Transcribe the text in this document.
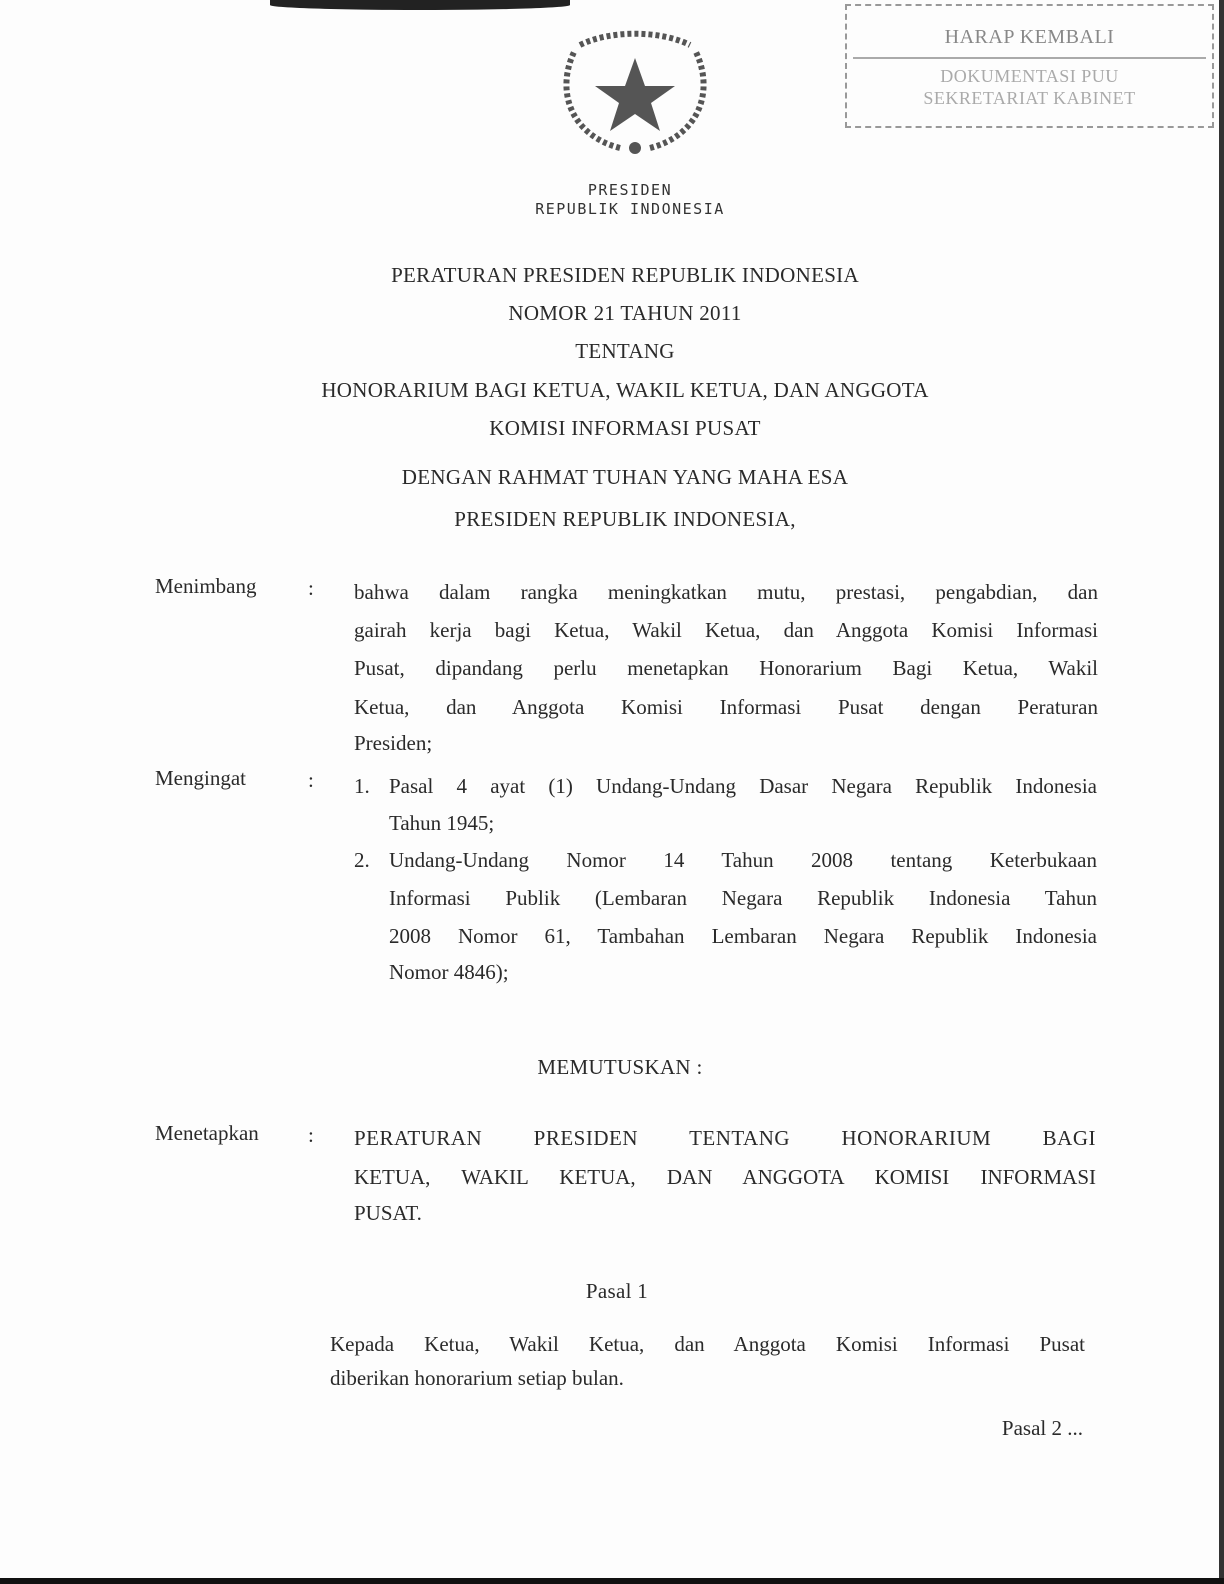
HARAP KEMBALI
DOKUMENTASI PUU
SEKRETARIAT KABINET
PRESIDEN
REPUBLIK INDONESIA
PERATURAN PRESIDEN REPUBLIK INDONESIA
NOMOR 21 TAHUN 2011
TENTANG
HONORARIUM BAGI KETUA, WAKIL KETUA, DAN ANGGOTA
KOMISI INFORMASI PUSAT
DENGAN RAHMAT TUHAN YANG MAHA ESA
PRESIDEN REPUBLIK INDONESIA,
Menimbang : bahwa dalam rangka meningkatkan mutu, prestasi, pengabdian, dan
gairah kerja bagi Ketua, Wakil Ketua, dan Anggota Komisi Informasi
Pusat, dipandang perlu menetapkan Honorarium Bagi Ketua, Wakil
Ketua, dan Anggota Komisi Informasi Pusat dengan Peraturan
Presiden;
Mengingat	: 1. Pasal 4 ayat (1) Undang-Undang Dasar Negara Republik Indonesia
Tahun 1945;
2. Undang-Undang Nomor 14 Tahun 2008 tentang Keterbukaan
Informasi Publik (Lembaran Negara Republik Indonesia Tahun
2008 Nomor 61, Tambahan Lembaran Negara Republik Indonesia
Nomor 4846);
MEMUTUSKAN :
Menetapkan : PERATURAN PRESIDEN TENTANG HONORARIUM BAGI
KETUA, WAKIL KETUA, DAN ANGGOTA KOMISI INFORMASI
PUSAT.
Pasal 1
Kepada Ketua, Wakil Ketua, dan Anggota Komisi Informasi Pusat
diberikan honorarium setiap bulan.
Pasal 2 ...
